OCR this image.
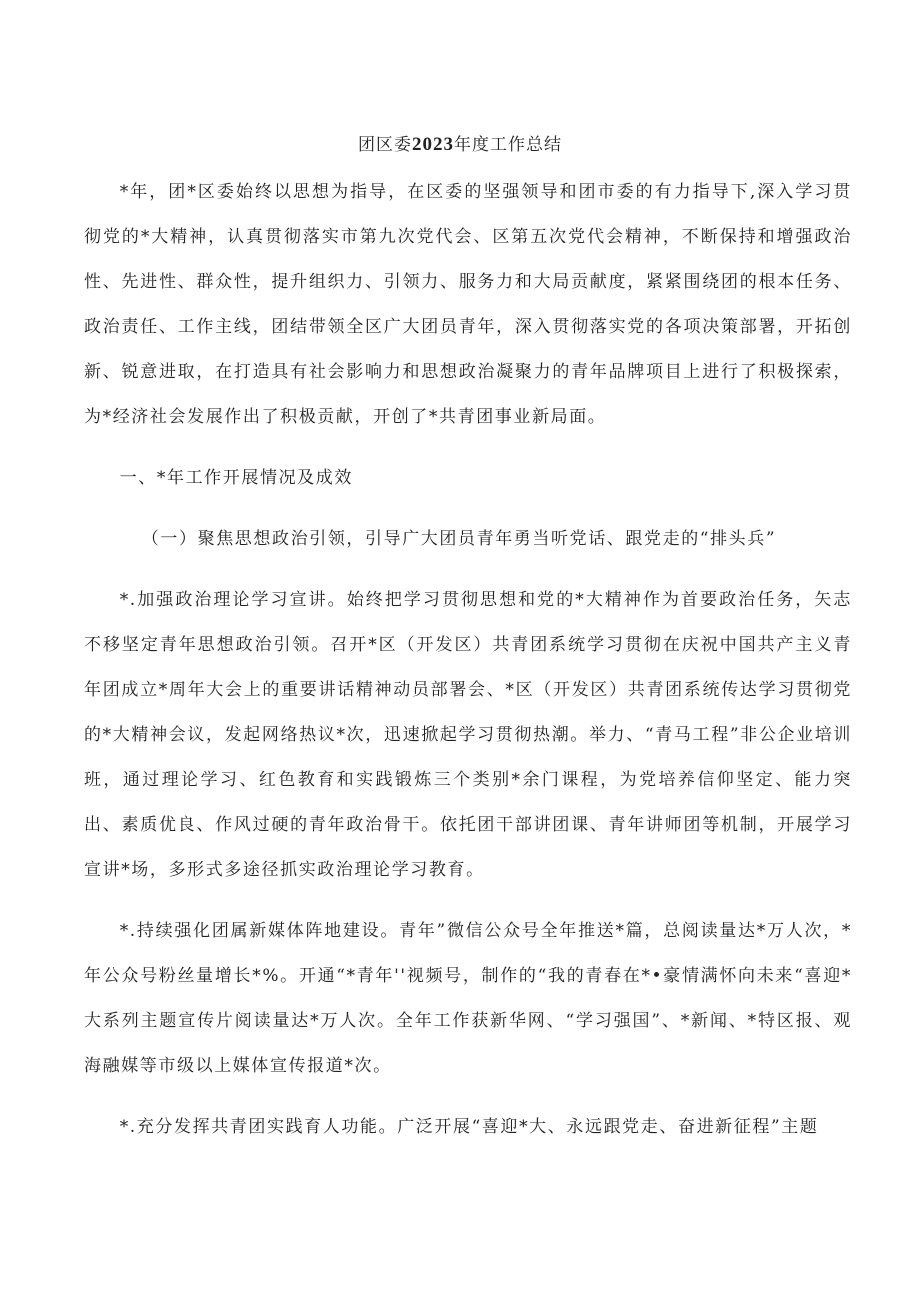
团区委2023年度工作总结

*年，团*区委始终以思想为指导，在区委的坚强领导和团市委的有力指导下,深入学习贯彻党的*大精神，认真贯彻落实市第九次党代会、区第五次党代会精神，不断保持和增强政治性、先进性、群众性，提升组织力、引领力、服务力和大局贡献度，紧紧围绕团的根本任务、政治责任、工作主线，团结带领全区广大团员青年，深入贯彻落实党的各项决策部署，开拓创新、锐意进取，在打造具有社会影响力和思想政治凝聚力的青年品牌项目上进行了积极探索，为*经济社会发展作出了积极贡献，开创了*共青团事业新局面。

一、*年工作开展情况及成效

（一）聚焦思想政治引领，引导广大团员青年勇当听党话、跟党走的“排头兵”

*.加强政治理论学习宣讲。始终把学习贯彻思想和党的*大精神作为首要政治任务，矢志不移坚定青年思想政治引领。召开*区（开发区）共青团系统学习贯彻在庆祝中国共产主义青年团成立*周年大会上的重要讲话精神动员部署会、*区（开发区）共青团系统传达学习贯彻党的*大精神会议，发起网络热议*次，迅速掀起学习贯彻热潮。举力、“青马工程”非公企业培训班，通过理论学习、红色教育和实践锻炼三个类别*余门课程，为党培养信仰坚定、能力突出、素质优良、作风过硬的青年政治骨干。依托团干部讲团课、青年讲师团等机制，开展学习宣讲*场，多形式多途径抓实政治理论学习教育。

*.持续强化团属新媒体阵地建设。青年”微信公众号全年推送*篇，总阅读量达*万人次，*年公众号粉丝量增长*%。开通“*青年''视频号，制作的“我的青春在*•豪情满怀向未来“喜迎*大系列主题宣传片阅读量达*万人次。全年工作获新华网、“学习强国”、*新闻、*特区报、观海融媒等市级以上媒体宣传报道*次。

*.充分发挥共青团实践育人功能。广泛开展“喜迎*大、永远跟党走、奋进新征程”主题
